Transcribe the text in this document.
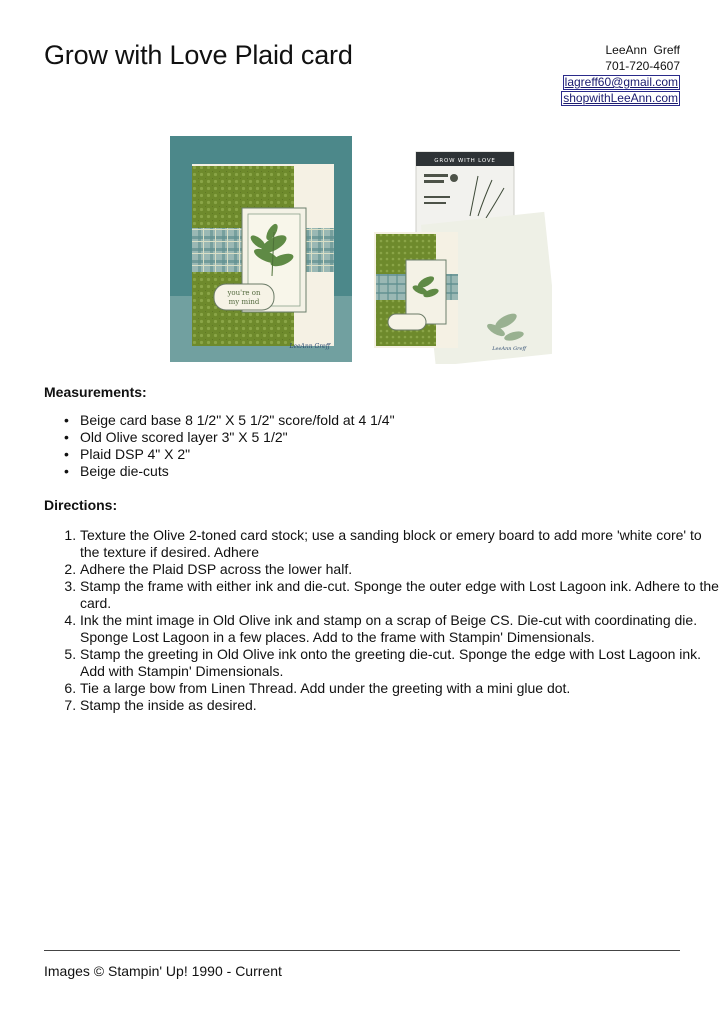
Grow with Love Plaid card	LeeAnn  Greff
701-720-4607
lagreff60@gmail.com
shopwithLeeAnn.com
you're on
my mind
LeeAnn Greff
GROW WITH LOVE
LeeAnn Greff
Measurements:
• Beige card base 8 1/2" X 5 1/2" score/fold at 4 1/4"
• Old Olive scored layer 3" X 5 1/2"
• Plaid DSP 4" X 2"
• Beige die-cuts
Directions:
1. Texture the Olive 2-toned card stock; use a sanding block or emery board to add more 'white core' to the texture if desired. Adhere
2. Adhere the Plaid DSP across the lower half.
3. Stamp the frame with either ink and die-cut. Sponge the outer edge with Lost Lagoon ink. Adhere to the card.
4. Ink the mint image in Old Olive ink and stamp on a scrap of Beige CS. Die-cut with coordinating die. Sponge Lost Lagoon in a few places. Add to the frame with Stampin' Dimensionals.
5. Stamp the greeting in Old Olive ink onto the greeting die-cut. Sponge the edge with Lost Lagoon ink. Add with Stampin' Dimensionals.
6. Tie a large bow from Linen Thread. Add under the greeting with a mini glue dot.
7. Stamp the inside as desired.
Images © Stampin' Up! 1990 - Current
